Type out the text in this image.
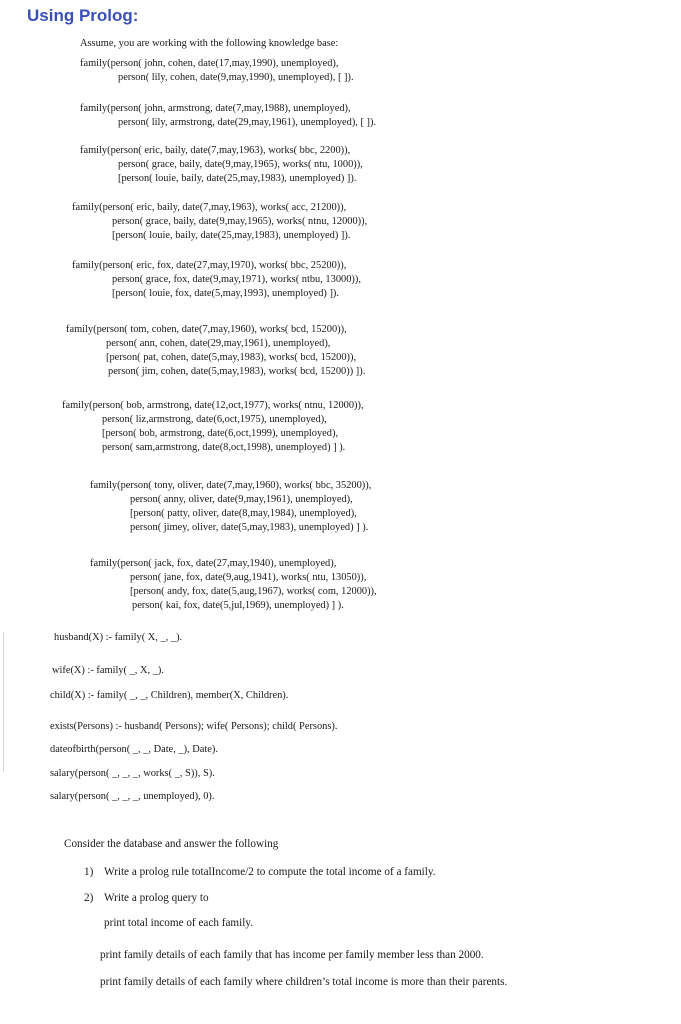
Using Prolog:
Assume, you are working with the following knowledge base:
family(person( john, cohen, date(17,may,1990), unemployed),
person( lily, cohen, date(9,may,1990), unemployed), [ ]).
family(person( john, armstrong, date(7,may,1988), unemployed),
person( lily, armstrong, date(29,may,1961), unemployed), [ ]).
family(person( eric, baily, date(7,may,1963), works( bbc, 2200)),
person( grace, baily, date(9,may,1965), works( ntu, 1000)),
[person( louie, baily, date(25,may,1983), unemployed) ]).
family(person( eric, baily, date(7,may,1963), works( acc, 21200)),
person( grace, baily, date(9,may,1965), works( ntnu, 12000)),
[person( louie, baily, date(25,may,1983), unemployed) ]).
family(person( eric, fox, date(27,may,1970), works( bbc, 25200)),
person( grace, fox, date(9,may,1971), works( ntbu, 13000)),
[person( louie, fox, date(5,may,1993), unemployed) ]).
family(person( tom, cohen, date(7,may,1960), works( bcd, 15200)),
person( ann, cohen, date(29,may,1961), unemployed),
[person( pat, cohen, date(5,may,1983), works( bcd, 15200)),
person( jim, cohen, date(5,may,1983), works( bcd, 15200)) ]).
family(person( bob, armstrong, date(12,oct,1977), works( ntnu, 12000)),
person( liz,armstrong, date(6,oct,1975), unemployed),
[person( bob, armstrong, date(6,oct,1999), unemployed),
person( sam,armstrong, date(8,oct,1998), unemployed) ] ).
family(person( tony, oliver, date(7,may,1960), works( bbc, 35200)),
person( anny, oliver, date(9,may,1961), unemployed),
[person( patty, oliver, date(8,may,1984), unemployed),
person( jimey, oliver, date(5,may,1983), unemployed) ] ).
family(person( jack, fox, date(27,may,1940), unemployed),
person( jane, fox, date(9,aug,1941), works( ntu, 13050)),
[person( andy, fox, date(5,aug,1967), works( com, 12000)),
person( kai, fox, date(5,jul,1969), unemployed) ] ).
husband(X) :- family( X, _, _).
wife(X) :- family( _, X, _).
child(X) :- family( _, _, Children), member(X, Children).
exists(Persons) :- husband( Persons); wife( Persons); child( Persons).
dateofbirth(person( _, _, Date, _), Date).
salary(person( _, _, _, works( _, S)), S).
salary(person( _, _, _, unemployed), 0).
Consider the database and answer the following
1) Write a prolog rule totalIncome/2 to compute the total income of a family.
2) Write a prolog query to
print total income of each family.
print family details of each family that has income per family member less than 2000.
print family details of each family where children’s total income is more than their parents.
